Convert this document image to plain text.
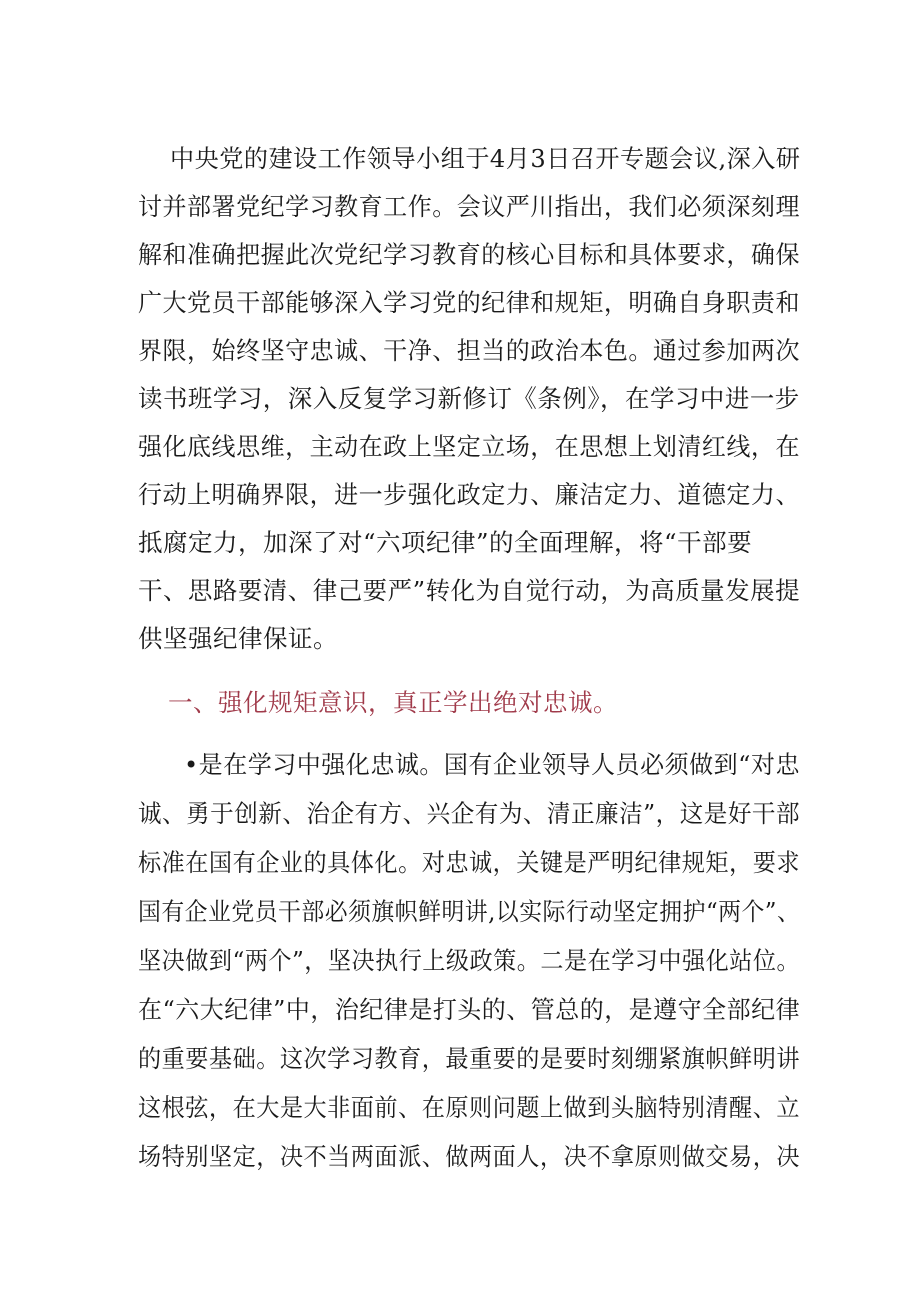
中央党的建设工作领导小组于4月3日召开专题会议,深入研
讨并部署党纪学习教育工作。会议严川指出，我们必须深刻理
解和准确把握此次党纪学习教育的核心目标和具体要求，确保
广大党员干部能够深入学习党的纪律和规矩，明确自身职责和
界限，始终坚守忠诚、干净、担当的政治本色。通过参加两次
读书班学习，深入反复学习新修订《条例》，在学习中进一步
强化底线思维，主动在政上坚定立场，在思想上划清红线，在
行动上明确界限，进一步强化政定力、廉洁定力、道德定力、
抵腐定力，加深了对“六项纪律”的全面理解，将“干部要
干、思路要清、律己要严”转化为自觉行动，为高质量发展提
供坚强纪律保证。
一、强化规矩意识，真正学出绝对忠诚。
•是在学习中强化忠诚。国有企业领导人员必须做到“对忠
诚、勇于创新、治企有方、兴企有为、清正廉洁”，这是好干部
标准在国有企业的具体化。对忠诚，关键是严明纪律规矩，要求
国有企业党员干部必须旗帜鲜明讲,以实际行动坚定拥护“两个”、
坚决做到“两个”，坚决执行上级政策。二是在学习中强化站位。
在“六大纪律”中，治纪律是打头的、管总的，是遵守全部纪律
的重要基础。这次学习教育，最重要的是要时刻绷紧旗帜鲜明讲
这根弦，在大是大非面前、在原则问题上做到头脑特别清醒、立
场特别坚定，决不当两面派、做两面人，决不拿原则做交易，决
